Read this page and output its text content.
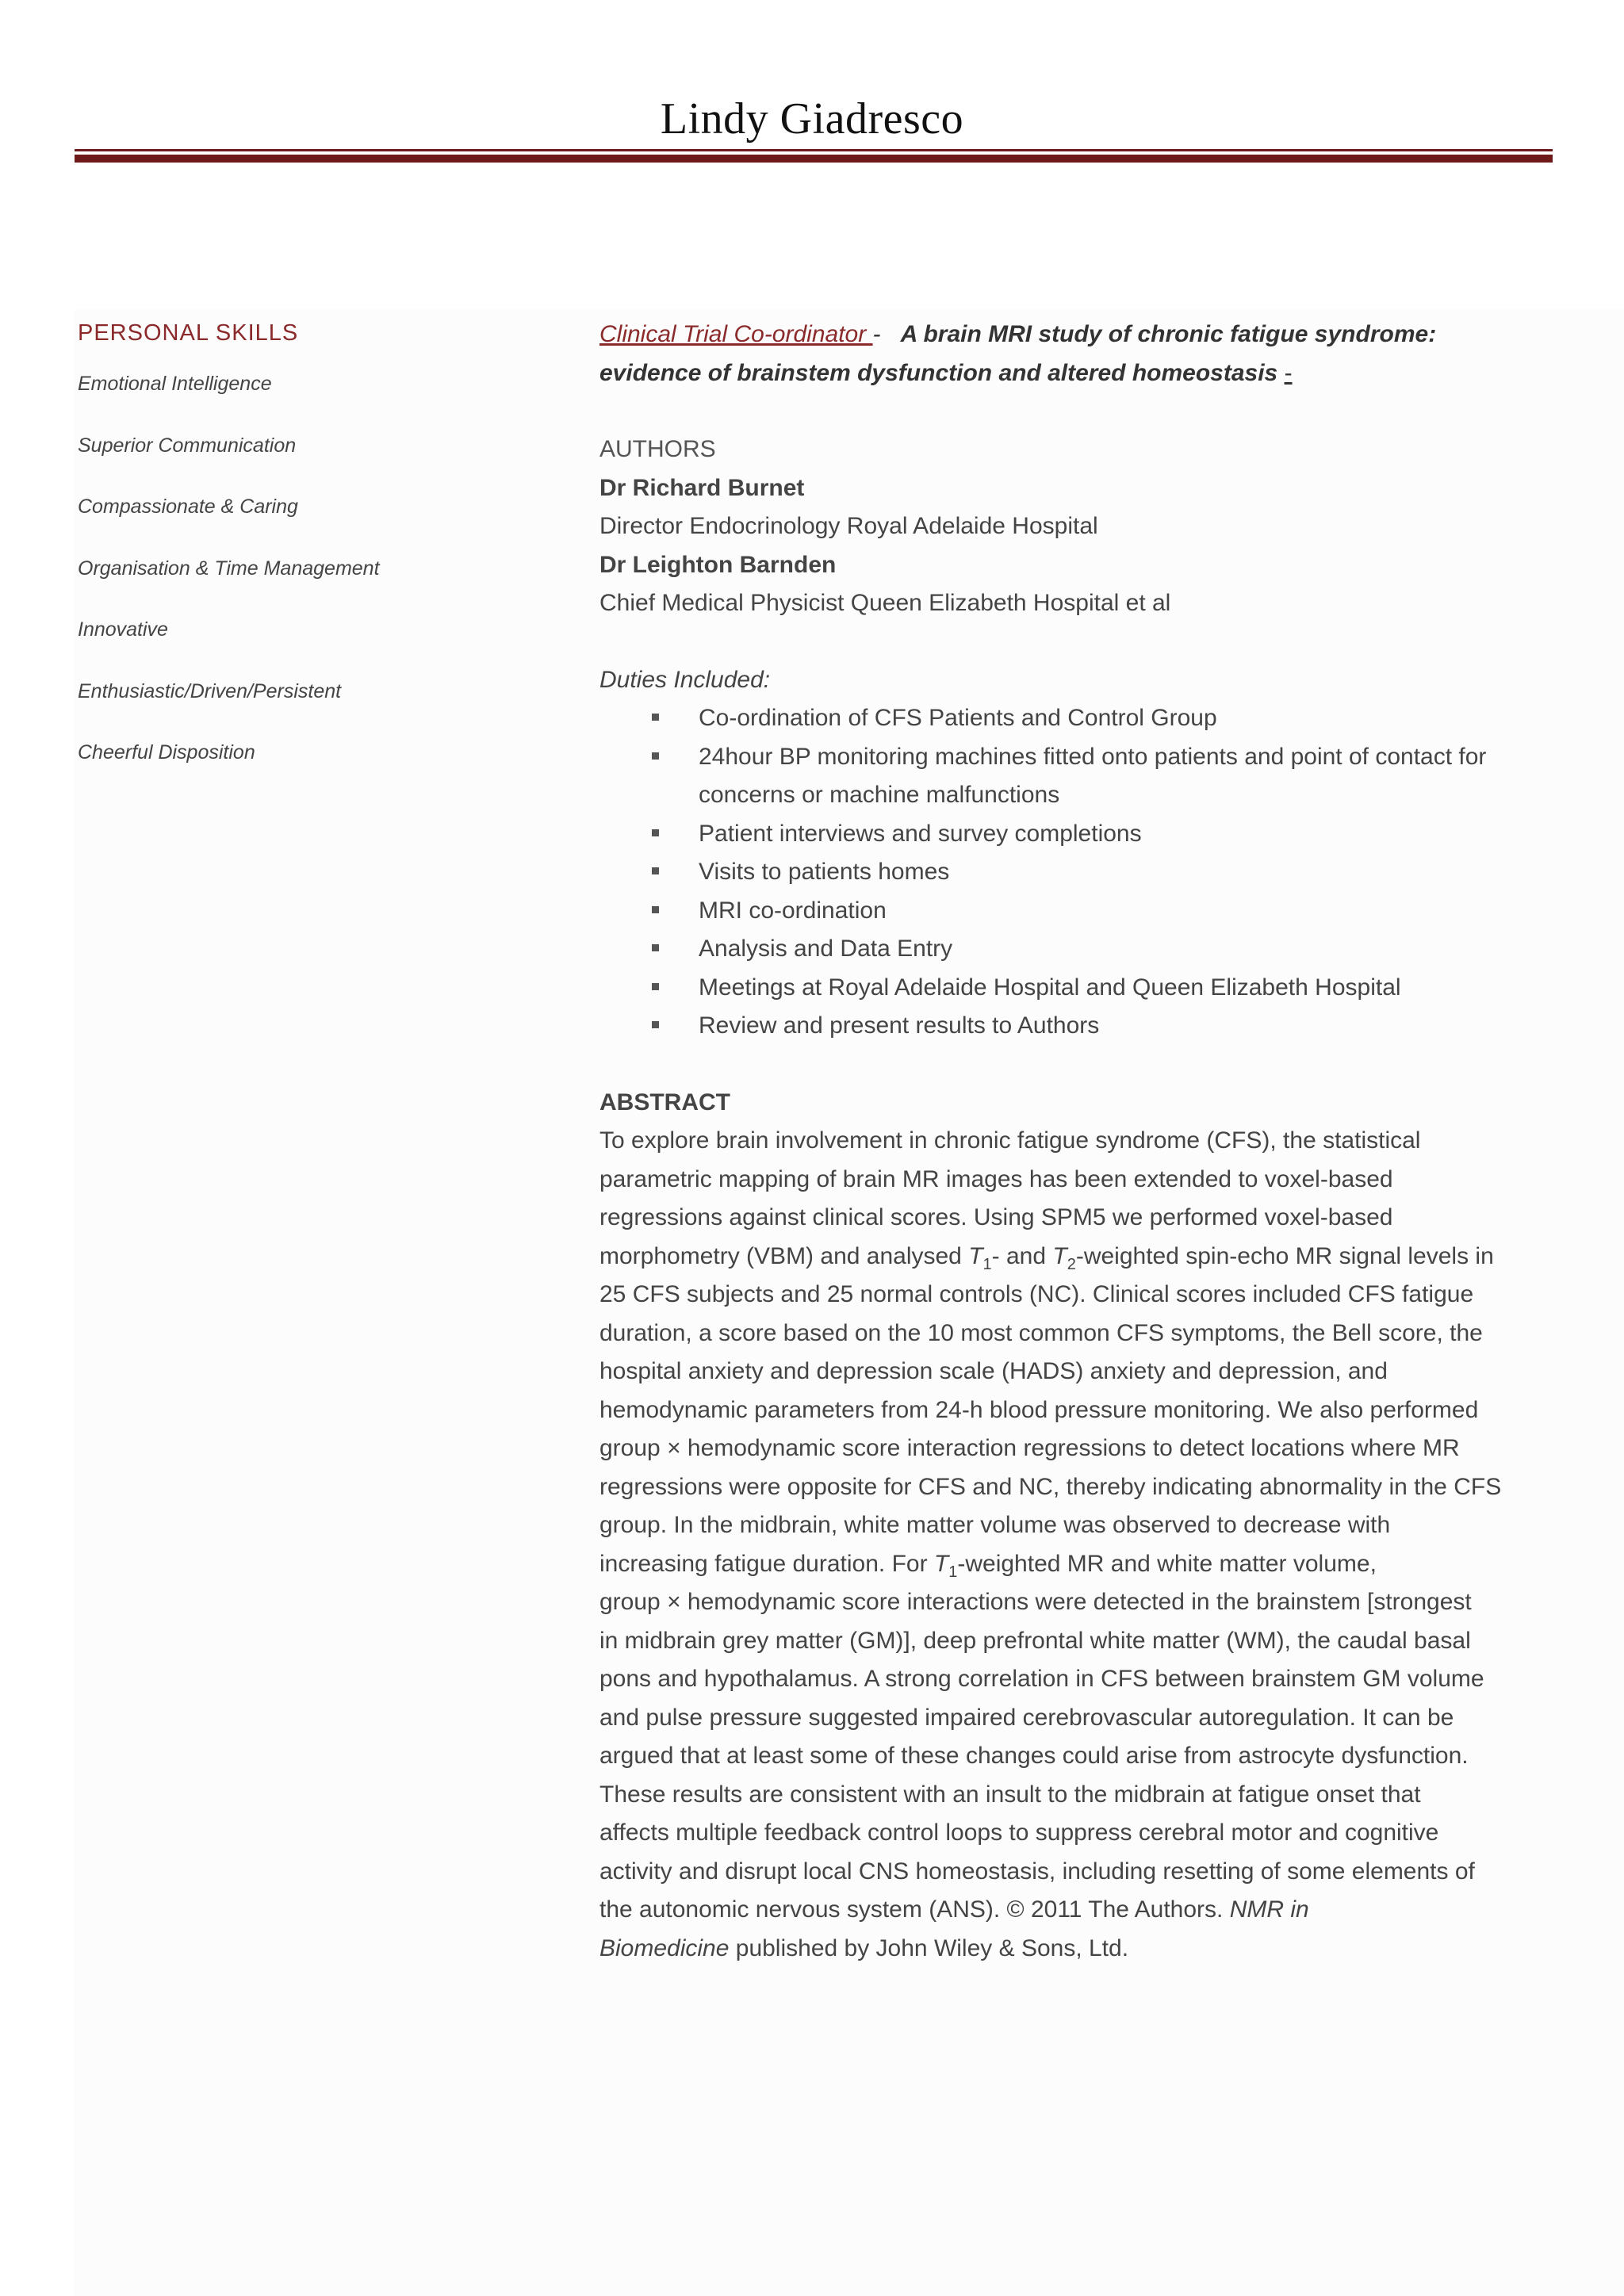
Lindy Giadresco
PERSONAL SKILLS
Emotional Intelligence
Superior Communication
Compassionate & Caring
Organisation & Time Management
Innovative
Enthusiastic/Driven/Persistent
Cheerful Disposition
Clinical Trial Co-ordinator - A brain MRI study of chronic fatigue syndrome:
evidence of brainstem dysfunction and altered homeostasis -
AUTHORS
Dr Richard Burnet
Director Endocrinology Royal Adelaide Hospital
Dr Leighton Barnden
Chief Medical Physicist Queen Elizabeth Hospital et al
Duties Included:
Co-ordination of CFS Patients and Control Group
24hour BP monitoring machines fitted onto patients and point of contact for
concerns or machine malfunctions
Patient interviews and survey completions
Visits to patients homes
MRI co-ordination
Analysis and Data Entry
Meetings at Royal Adelaide Hospital and Queen Elizabeth Hospital
Review and present results to Authors
ABSTRACT
To explore brain involvement in chronic fatigue syndrome (CFS), the statistical
parametric mapping of brain MR images has been extended to voxel-based
regressions against clinical scores. Using SPM5 we performed voxel-based
morphometry (VBM) and analysed $T_1-$ and $T_2$-weighted spin-echo MR signal levels in
25 CFS subjects and 25 normal controls (NC). Clinical scores included CFS fatigue
duration, a score based on the 10 most common CFS symptoms, the Bell score, the
hospital anxiety and depression scale (HADS) anxiety and depression, and
hemodynamic parameters from 24-h blood pressure monitoring. We also performed
group × hemodynamic score interaction regressions to detect locations where MR
regressions were opposite for CFS and NC, thereby indicating abnormality in the CFS
group. In the midbrain, white matter volume was observed to decrease with
increasing fatigue duration. For $T_1$-weighted MR and white matter volume,
group × hemodynamic score interactions were detected in the brainstem [strongest
in midbrain grey matter (GM)], deep prefrontal white matter (WM), the caudal basal
pons and hypothalamus. A strong correlation in CFS between brainstem GM volume
and pulse pressure suggested impaired cerebrovascular autoregulation. It can be
argued that at least some of these changes could arise from astrocyte dysfunction.
These results are consistent with an insult to the midbrain at fatigue onset that
affects multiple feedback control loops to suppress cerebral motor and cognitive
activity and disrupt local CNS homeostasis, including resetting of some elements of
the autonomic nervous system (ANS). © 2011 The Authors. NMR in
Biomedicine published by John Wiley & Sons, Ltd.
